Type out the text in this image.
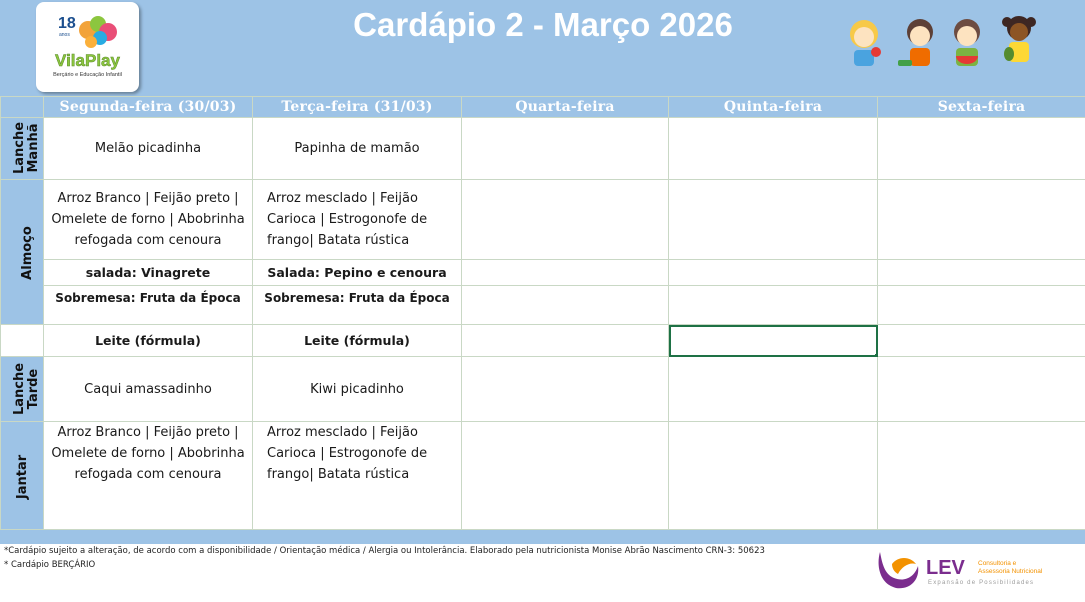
18
anos
VilaPlay
Berçário e Educação Infantil
Cardápio 2 - Março 2026
	Segunda-feira (30/03)	Terça-feira (31/03)	Quarta-feira	Quinta-feira	Sexta-feira
Lanche
Manhã	Melão picadinha	Papinha de mamão			
Almoço	Arroz Branco | Feijão preto |
Omelete de forno | Abobrinha
refogada com cenoura	Arroz mesclado | Feijão
Carioca | Estrogonofe de
frango| Batata rústica			
	salada: Vinagrete	Salada: Pepino e cenoura			
	Sobremesa: Fruta da Época	Sobremesa: Fruta da Época			
	Leite (fórmula)	Leite (fórmula)		

Lanche
Tarde	Caqui amassadinho	Kiwi picadinho			
Jantar	Arroz Branco | Feijão preto |
Omelete de forno | Abobrinha
refogada com cenoura	Arroz mesclado | Feijão
Carioca | Estrogonofe de
frango| Batata rústica			
*Cardápio sujeito a alteração, de acordo com a disponibilidade / Orientação médica / Alergia ou Intolerância. Elaborado pela nutricionista Monise Abrão Nascimento CRN-3: 50623
* Cardápio BERÇÁRIO	LEV Consultoria e
Assessoria Nutricional
Expansão de Possibilidades
